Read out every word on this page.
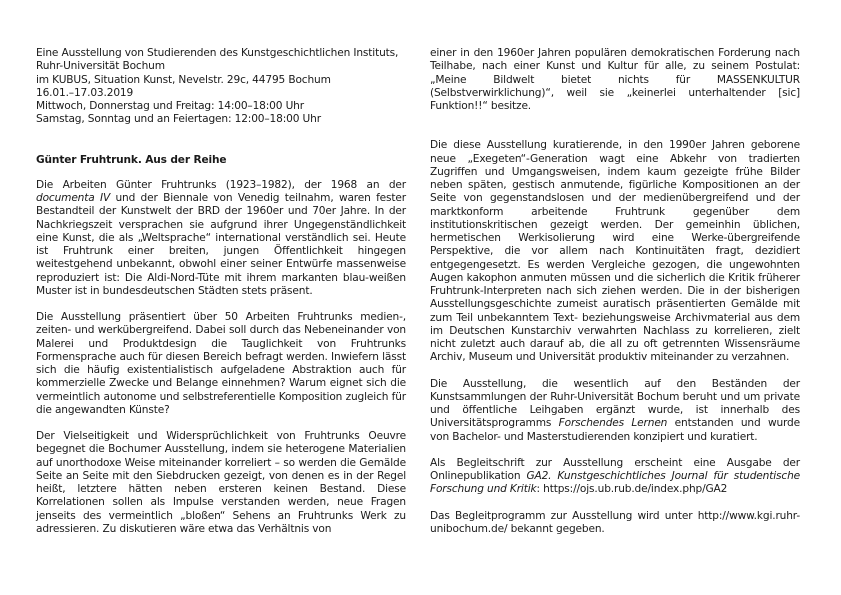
Eine Ausstellung von Studierenden des Kunstgeschichtlichen Instituts,

Ruhr-Universität Bochum

im KUBUS, Situation Kunst, Nevelstr. 29c, 44795 Bochum

16.01.–17.03.2019

Mittwoch, Donnerstag und Freitag: 14:00–18:00 Uhr

Samstag, Sonntag und an Feiertagen: 12:00–18:00 Uhr

Günter Fruhtrunk. Aus der Reihe

Die Arbeiten Günter Fruhtrunks (1923–1982), der 1968 an der documenta IV und der Biennale von Venedig teilnahm, waren fester Bestandteil der Kunstwelt der BRD der 1960er und 70er Jahre. In der Nachkriegszeit versprachen sie aufgrund ihrer Ungegenständlichkeit eine Kunst, die als „Weltsprache“ international verständlich sei. Heute ist Fruhtrunk einer breiten, jungen Öffentlichkeit hingegen weitestgehend unbekannt, obwohl einer seiner Entwürfe massenweise reproduziert ist: Die Aldi-Nord-Tüte mit ihrem markanten blau-weißen Muster ist in bundesdeutschen Städten stets präsent.

Die Ausstellung präsentiert über 50 Arbeiten Fruhtrunks medien-, zeiten- und werkübergreifend. Dabei soll durch das Nebeneinander von Malerei und Produktdesign die Tauglichkeit von Fruhtrunks Formensprache auch für diesen Bereich befragt werden. Inwiefern lässt sich die häufig existentialistisch aufgeladene Abstraktion auch für kommerzielle Zwecke und Belange einnehmen? Warum eignet sich die vermeintlich autonome und selbstreferentielle Komposition zugleich für die angewandten Künste?

Der Vielseitigkeit und Widersprüchlichkeit von Fruhtrunks Oeuvre begegnet die Bochumer Ausstellung, indem sie heterogene Materialien auf unorthodoxe Weise miteinander korreliert – so werden die Gemälde Seite an Seite mit den Siebdrucken gezeigt, von denen es in der Regel heißt, letztere hätten neben ersteren keinen Bestand. Diese Korrelationen sollen als Impulse verstanden werden, neue Fragen jenseits des vermeintlich „bloßen“ Sehens an Fruhtrunks Werk zu adressieren. Zu diskutieren wäre etwa das Verhältnis von

einer in den 1960er Jahren populären demokratischen Forderung nach Teilhabe, nach einer Kunst und Kultur für alle, zu seinem Postulat: „Meine Bildwelt bietet nichts für MASSENKULTUR (Selbstverwirklichung)“, weil sie „keinerlei unterhaltender [sic] Funktion!!“ besitze.

Die diese Ausstellung kuratierende, in den 1990er Jahren geborene neue „Exegeten“-Generation wagt eine Abkehr von tradierten Zugriffen und Umgangsweisen, indem kaum gezeigte frühe Bilder neben späten, gestisch anmutende, figürliche Kompositionen an der Seite von gegenstandslosen und der medienübergreifend und der marktkonform arbeitende Fruhtrunk gegenüber dem institutionskritischen gezeigt werden. Der gemeinhin üblichen, hermetischen Werkisolierung wird eine Werke-übergreifende Perspektive, die vor allem nach Kontinuitäten fragt, dezidiert entgegengesetzt. Es werden Vergleiche gezogen, die ungewohnten Augen kakophon anmuten müssen und die sicherlich die Kritik früherer Fruhtrunk-Interpreten nach sich ziehen werden. Die in der bisherigen Ausstellungsgeschichte zumeist auratisch präsentierten Gemälde mit zum Teil unbekanntem Text- beziehungsweise Archivmaterial aus dem im Deutschen Kunstarchiv verwahrten Nachlass zu korrelieren, zielt nicht zuletzt auch darauf ab, die all zu oft getrennten Wissensräume Archiv, Museum und Universität produktiv miteinander zu verzahnen.

Die Ausstellung, die wesentlich auf den Beständen der Kunstsammlungen der Ruhr-Universität Bochum beruht und um private und öffentliche Leihgaben ergänzt wurde, ist innerhalb des Universitätsprogramms Forschendes Lernen entstanden und wurde von Bachelor- und Masterstudierenden konzipiert und kuratiert.

Als Begleitschrift zur Ausstellung erscheint eine Ausgabe der Onlinepublikation GA2. Kunstgeschichtliches Journal für studentische Forschung und Kritik: https://ojs.ub.rub.de/index.php/GA2

Das Begleitprogramm zur Ausstellung wird unter http://www.kgi.ruhr-unibochum.de/ bekannt gegeben.
